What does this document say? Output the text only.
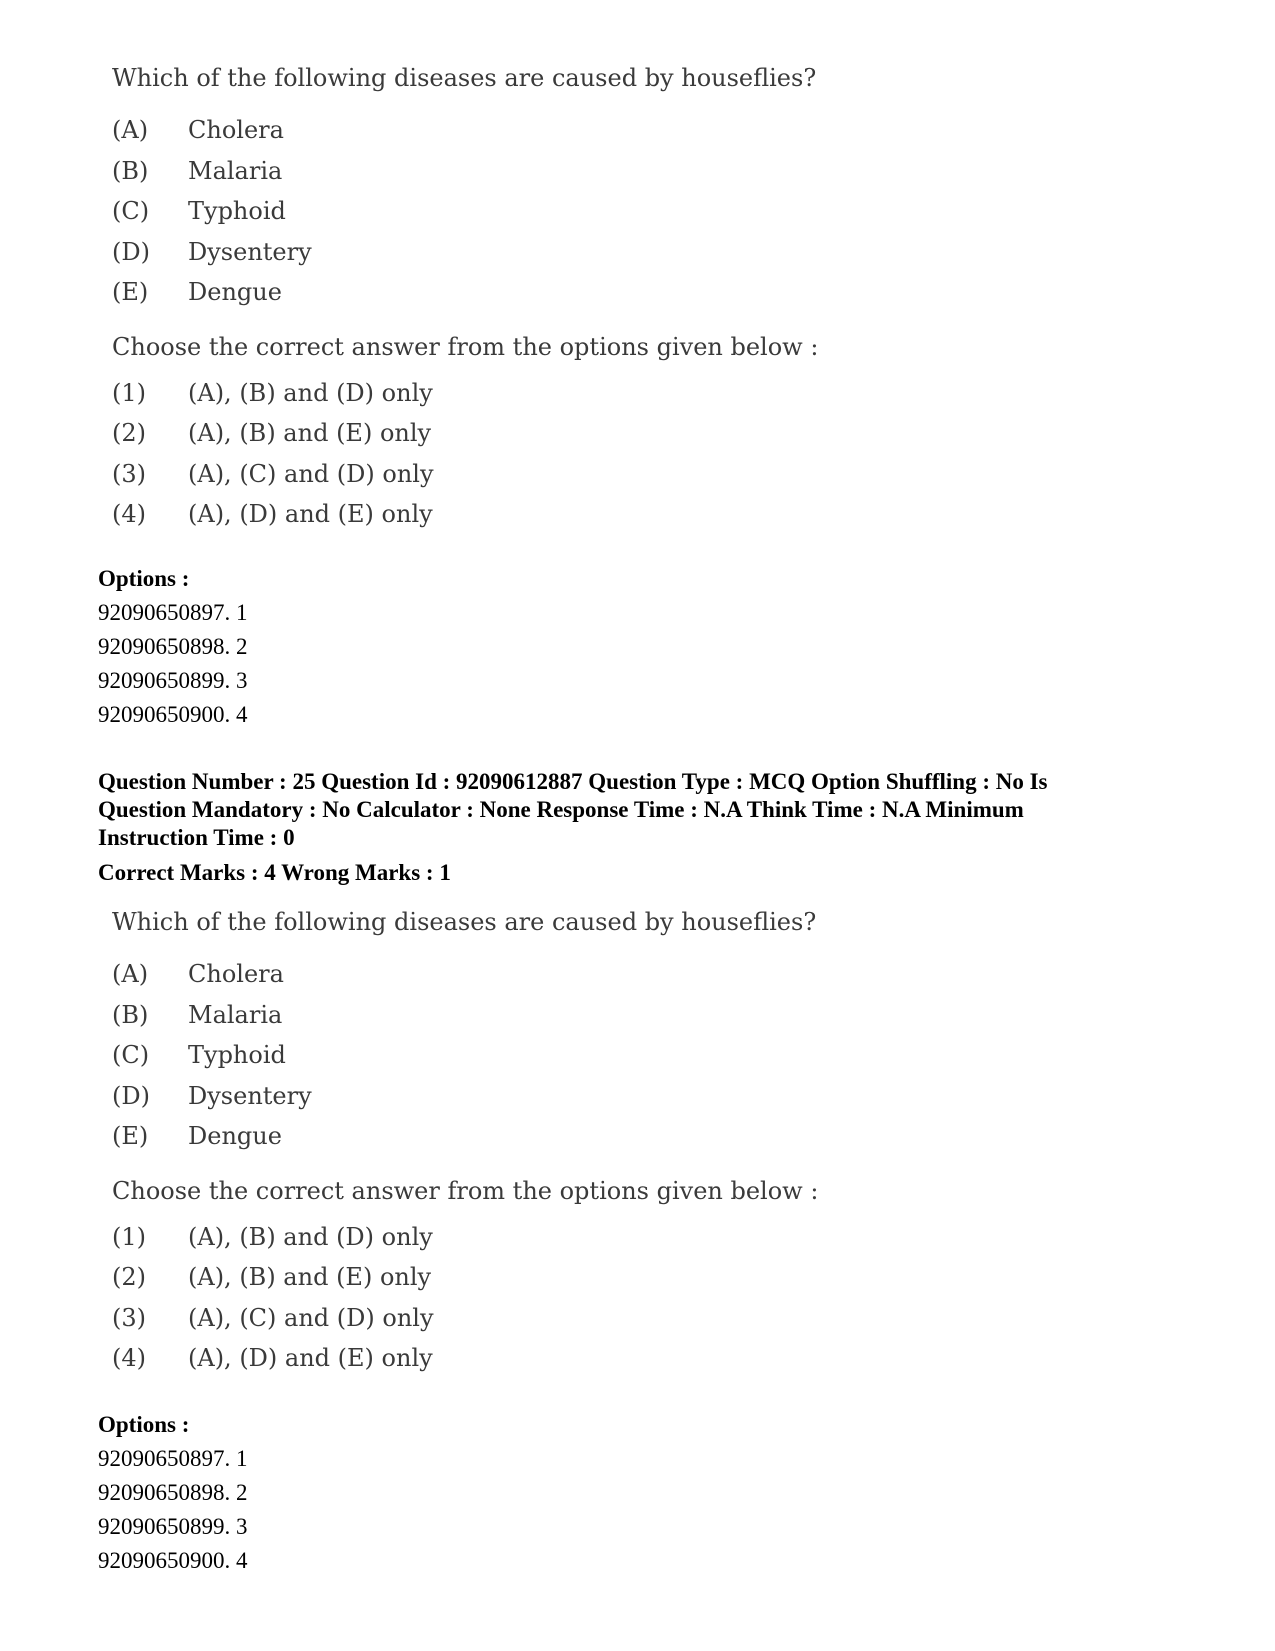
Which of the following diseases are caused by houseflies?

(A)	Cholera
(B)	Malaria
(C)	Typhoid
(D)	Dysentery
(E)	Dengue

Choose the correct answer from the options given below :

(1)	(A), (B) and (D) only
(2)	(A), (B) and (E) only
(3)	(A), (C) and (D) only
(4)	(A), (D) and (E) only
Options :
92090650897. 1
92090650898. 2
92090650899. 3
92090650900. 4
Question Number : 25 Question Id : 92090612887 Question Type : MCQ Option Shuffling : No Is Question Mandatory : No Calculator : None Response Time : N.A Think Time : N.A Minimum Instruction Time : 0
Correct Marks : 4 Wrong Marks : 1

Which of the following diseases are caused by houseflies?

(A)	Cholera
(B)	Malaria
(C)	Typhoid
(D)	Dysentery
(E)	Dengue

Choose the correct answer from the options given below :

(1)	(A), (B) and (D) only
(2)	(A), (B) and (E) only
(3)	(A), (C) and (D) only
(4)	(A), (D) and (E) only
Options :
92090650897. 1
92090650898. 2
92090650899. 3
92090650900. 4
